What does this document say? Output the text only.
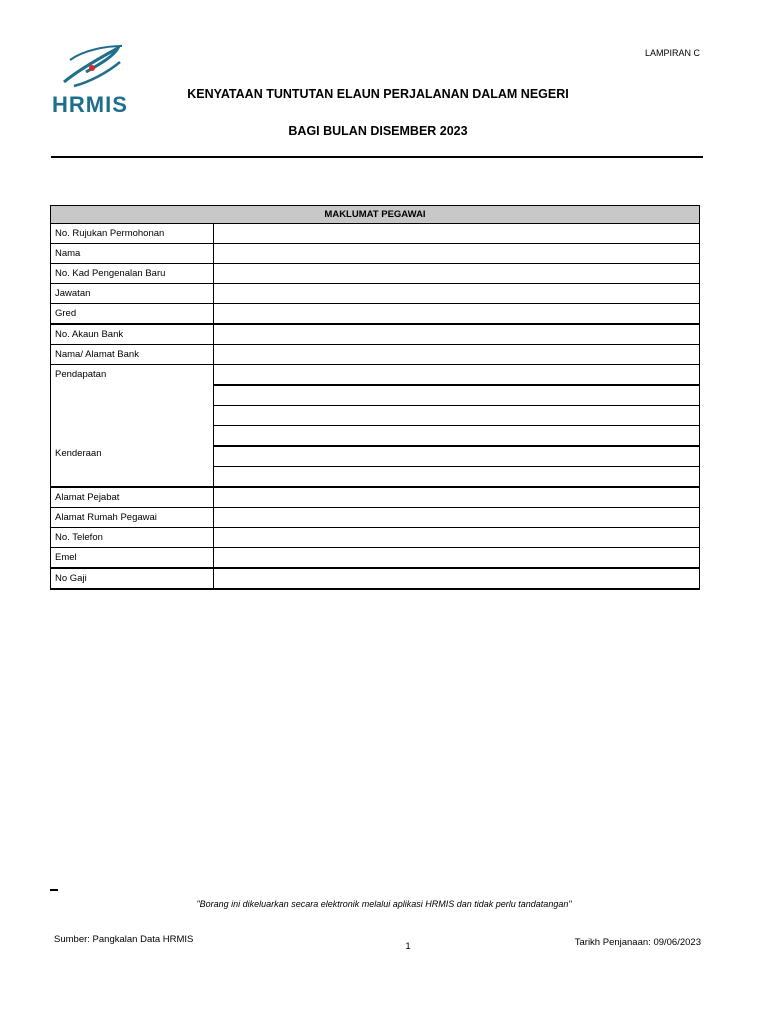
LAMPIRAN C
HRMIS	KENYATAAN TUNTUTAN ELAUN PERJALANAN DALAM NEGERI
BAGI BULAN DISEMBER 2023
MAKLUMAT PEGAWAI	
No. Rujukan Permohonan	
Nama	
No. Kad Pengenalan Baru	
Jawatan	
Gred	
No. Akaun Bank	
Nama/ Alamat Bank	
Pendapatan
Kenderaan	

Alamat Pejabat	
Alamat Rumah Pegawai	
No. Telefon	
Emel	
No Gaji	
"Borang ini dikeluarkan secara elektronik melalui aplikasi HRMIS dan tidak perlu tandatangan"
Sumber: Pangkalan Data HRMIS
1	Tarikh Penjanaan: 09/06/2023
